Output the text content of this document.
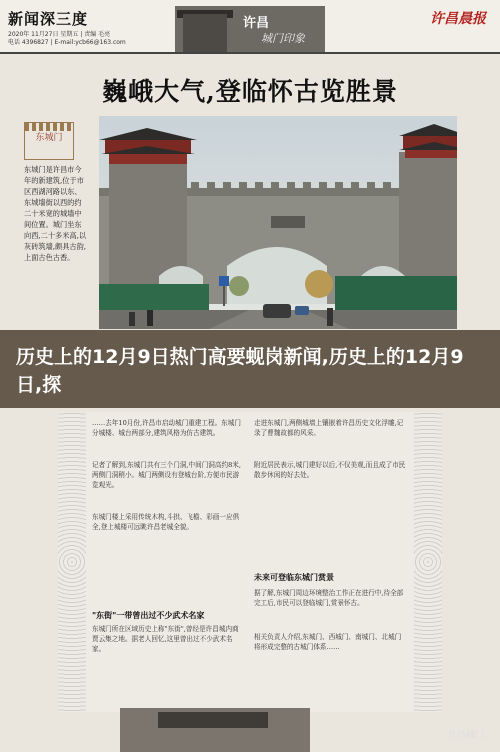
新闻深三度
2020年 11月27日 星期五 | 责编 毛亮
电话 4396827 | E-mail:ycb66@163.com
许昌
城门印象
许昌晨报
巍峨大气,登临怀古览胜景
东城门
东城门是许昌市今年的新建筑,位于市区西湖河路以东、东城墙街以西的约二十米宽的城墙中间位置。城门坐东向西,二十多米高,以灰砖筑墙,颇具古韵,上面古色古香。
历史上的12月9日热门高要蚬岗新闻,历史上的12月9日,探
……去年10月份,许昌市启动城门重建工程。东城门分城楼、城台两部分,建筑风格为仿古建筑。
记者了解到,东城门共有三个门洞,中间门洞高约8米,两侧门洞稍小。城门两侧设有登城台阶,方便市民游览观光。
东城门楼上采用传统木构,斗拱、飞檐、彩画一应俱全,登上城楼可远眺许昌老城全貌。
"东街"一带曾出过不少武术名家
东城门所在区域历史上称"东街",曾经是许昌城内商贾云集之地。据老人回忆,这里曾出过不少武术名家。
走进东城门,两侧城墙上镶嵌着许昌历史文化浮雕,记录了曹魏故都的风采。
附近居民表示,城门建好以后,不仅美观,而且成了市民散步休闲的好去处。
未来可登临东城门赏景
据了解,东城门周边环境整治工作正在进行中,待全部完工后,市民可以登临城门,赏景怀古。
相关负责人介绍,东城门、西城门、南城门、北城门将形成完整的古城门体系……
许昌城门
